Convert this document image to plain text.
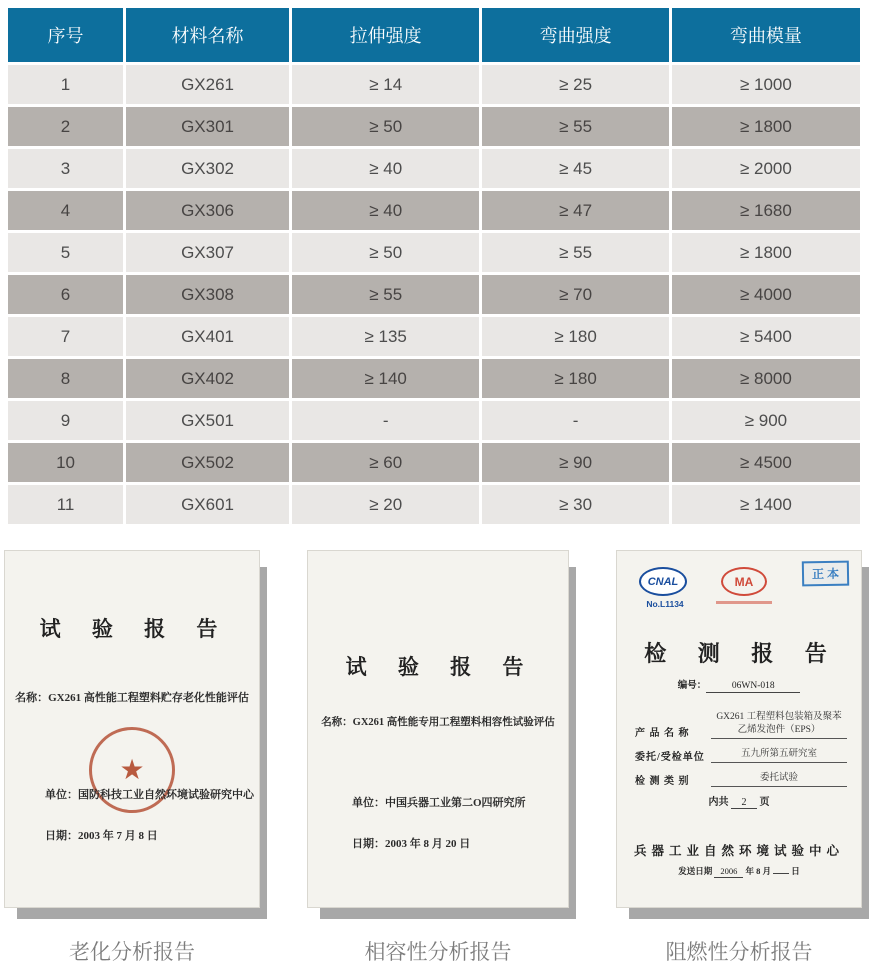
序号	材料名称	拉伸强度	弯曲强度	弯曲模量
1	GX261	≥ 14	≥ 25	≥ 1000
2	GX301	≥ 50	≥ 55	≥ 1800
3	GX302	≥ 40	≥ 45	≥ 2000
4	GX306	≥ 40	≥ 47	≥ 1680
5	GX307	≥ 50	≥ 55	≥ 1800
6	GX308	≥ 55	≥ 70	≥ 4000
7	GX401	≥ 135	≥ 180	≥ 5400
8	GX402	≥ 140	≥ 180	≥ 8000
9	GX501	-	-	≥ 900
10	GX502	≥ 60	≥ 90	≥ 4500
11	GX601	≥ 20	≥ 30	≥ 1400
试 验 报 告
名称：GX261 高性能工程塑料贮存老化性能评估
★
单位：国防科技工业自然环境试验研究中心
日期：2003 年 7 月 8 日
老化分析报告
试 验 报 告
名称：GX261 高性能专用工程塑料相容性试验评估
单位：中国兵器工业第二O四研究所
日期：2003 年 8 月 20 日
相容性分析报告
CNAL
No.L1134
MA
正本
检 测 报 告
编号：	06WN-018
产 品 名 称
GX261 工程塑料包装箱及聚苯
乙烯发泡件（EPS）
委托/受检单位	五九所第五研究室
检 测 类 别	委托试验
内共 2 页
兵器工业自然环境试验中心
发送日期 2006 年 8 月 日
阻燃性分析报告
